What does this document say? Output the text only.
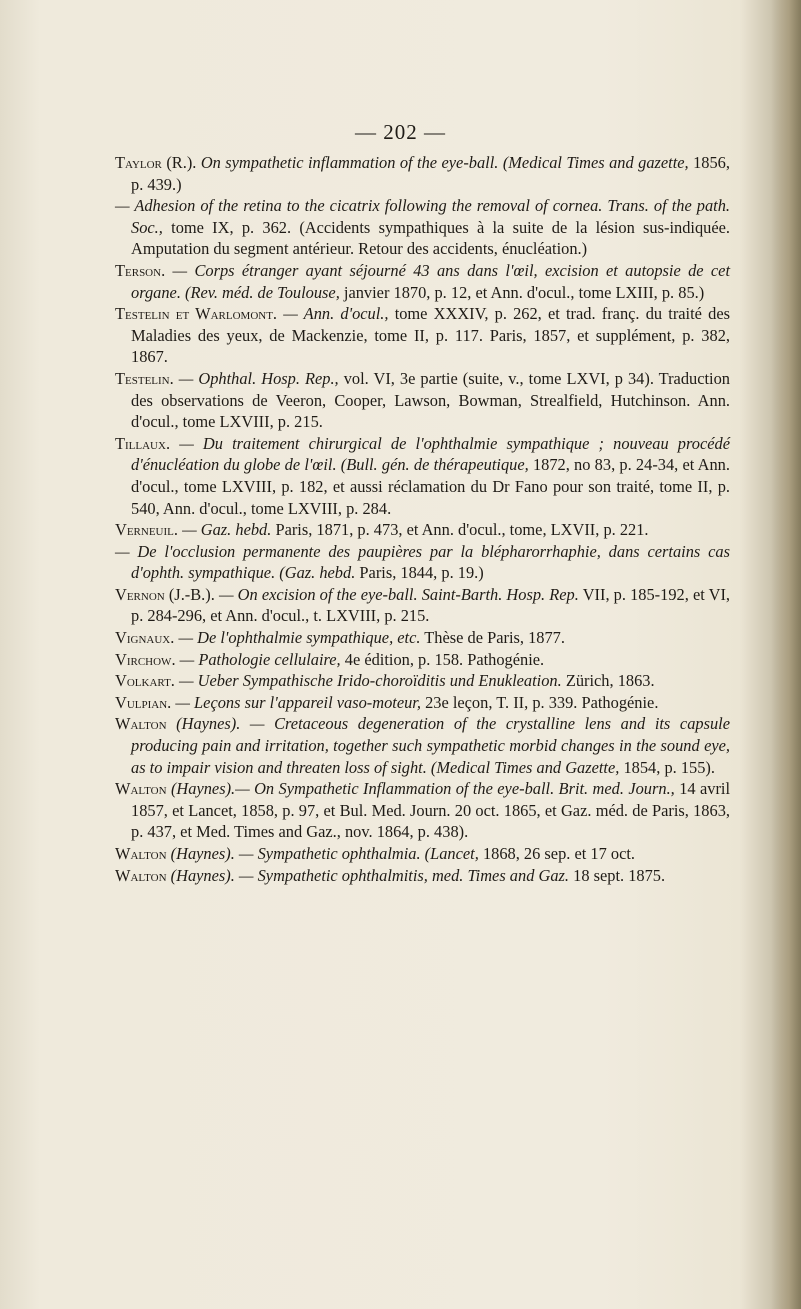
— 202 —

Taylor (R.). On sympathetic inflammation of the eye-ball. (Medical Times and gazette, 1856, p. 439.)

— Adhesion of the retina to the cicatrix following the removal of cornea. Trans. of the path. Soc., tome IX, p. 362. (Accidents sympathiques à la suite de la lésion sus-indiquée. Amputation du segment antérieur. Retour des accidents, énucléation.)

Terson. — Corps étranger ayant séjourné 43 ans dans l'œil, excision et autopsie de cet organe. (Rev. méd. de Toulouse, janvier 1870, p. 12, et Ann. d'ocul., tome LXIII, p. 85.)

Testelin et Warlomont. — Ann. d'ocul., tome XXXIV, p. 262, et trad. franç. du traité des Maladies des yeux, de Mackenzie, tome II, p. 117. Paris, 1857, et supplément, p. 382, 1867.

Testelin. — Ophthal. Hosp. Rep., vol. VI, 3e partie (suite, v., tome LXVI, p 34). Traduction des observations de Veeron, Cooper, Lawson, Bowman, Strealfield, Hutchinson. Ann. d'ocul., tome LXVIII, p. 215.

Tillaux. — Du traitement chirurgical de l'ophthalmie sympathique ; nouveau procédé d'énucléation du globe de l'œil. (Bull. gén. de thérapeutique, 1872, no 83, p. 24-34, et Ann. d'ocul., tome LXVIII, p. 182, et aussi réclamation du Dr Fano pour son traité, tome II, p. 540, Ann. d'ocul., tome LXVIII, p. 284.

Verneuil. — Gaz. hebd. Paris, 1871, p. 473, et Ann. d'ocul., tome, LXVII, p. 221.

— De l'occlusion permanente des paupières par la blépharorrhaphie, dans certains cas d'ophth. sympathique. (Gaz. hebd. Paris, 1844, p. 19.)

Vernon (J.-B.). — On excision of the eye-ball. Saint-Barth. Hosp. Rep. VII, p. 185-192, et VI, p. 284-296, et Ann. d'ocul., t. LXVIII, p. 215.

Vignaux. — De l'ophthalmie sympathique, etc. Thèse de Paris, 1877.

Virchow. — Pathologie cellulaire, 4e édition, p. 158. Pathogénie.

Volkart. — Ueber Sympathische Irido-choroïditis und Enukleation. Zürich, 1863.

Vulpian. — Leçons sur l'appareil vaso-moteur, 23e leçon, T. II, p. 339. Pathogénie.

Walton (Haynes). — Cretaceous degeneration of the crystalline lens and its capsule producing pain and irritation, together such sympathetic morbid changes in the sound eye, as to impair vision and threaten loss of sight. (Medical Times and Gazette, 1854, p. 155).

Walton (Haynes).— On Sympathetic Inflammation of the eye-ball. Brit. med. Journ., 14 avril 1857, et Lancet, 1858, p. 97, et Bul. Med. Journ. 20 oct. 1865, et Gaz. méd. de Paris, 1863, p. 437, et Med. Times and Gaz., nov. 1864, p. 438).

Walton (Haynes). — Sympathetic ophthalmia. (Lancet, 1868, 26 sep. et 17 oct.

Walton (Haynes). — Sympathetic ophthalmitis, med. Times and Gaz. 18 sept. 1875.
